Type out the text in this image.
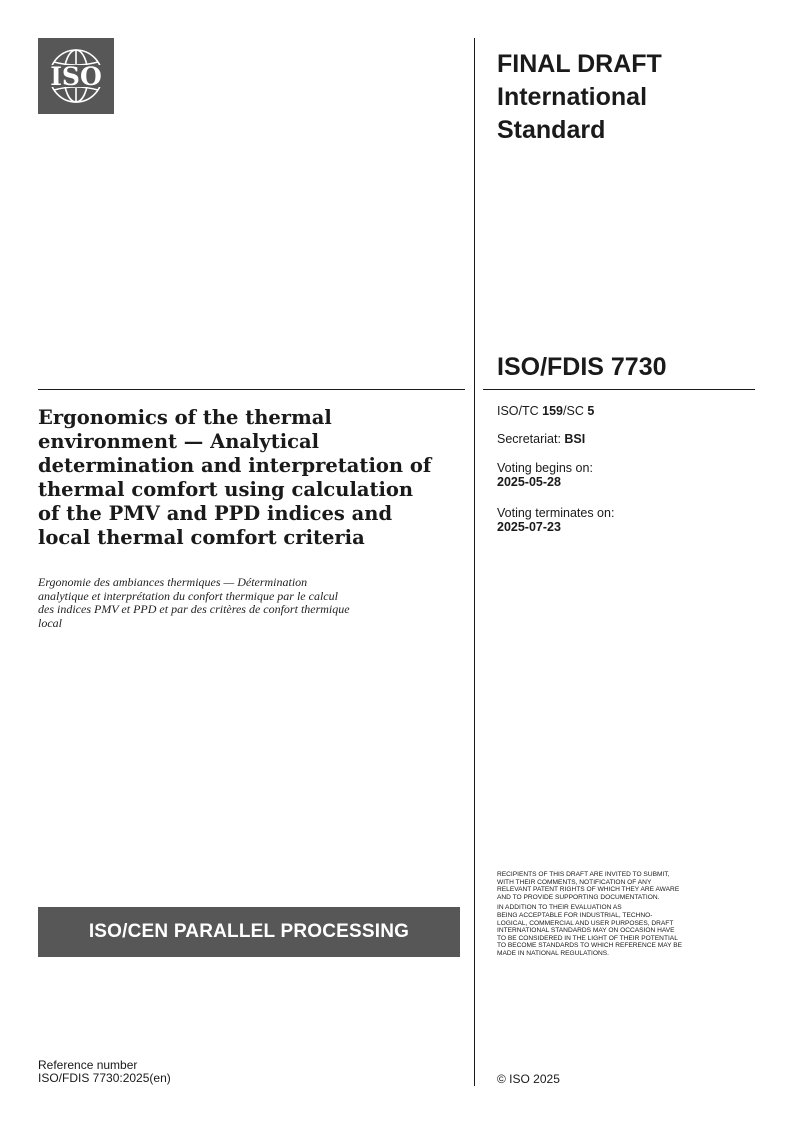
ISO	FINAL DRAFT
International
Standard
ISO/FDIS 7730
Ergonomics of the thermal
environment — Analytical
determination and interpretation of
thermal comfort using calculation
of the PMV and PPD indices and
local thermal comfort criteria
Ergonomie des ambiances thermiques — Détermination
analytique et interprétation du confort thermique par le calcul
des indices PMV et PPD et par des critères de confort thermique
local
ISO/TC 159/SC 5
Secretariat: BSI
Voting begins on:
2025-05-28
Voting terminates on:
2025-07-23

RECIPIENTS OF THIS DRAFT ARE INVITED TO SUBMIT,
WITH THEIR COMMENTS, NOTIFICATION OF ANY
RELEVANT PATENT RIGHTS OF WHICH THEY ARE AWARE
AND TO PROVIDE SUPPORTING DOCUMENTATION.

IN ADDITION TO THEIR EVALUATION AS
BEING ACCEPTABLE FOR INDUSTRIAL, TECHNO-
LOGICAL, COMMERCIAL AND USER PURPOSES, DRAFT
INTERNATIONAL STANDARDS MAY ON OCCASION HAVE
TO BE CONSIDERED IN THE LIGHT OF THEIR POTENTIAL
TO BECOME STANDARDS TO WHICH REFERENCE MAY BE
MADE IN NATIONAL REGULATIONS.

ISO/CEN PARALLEL PROCESSING
Reference number
ISO/FDIS 7730:2025(en)	© ISO 2025
